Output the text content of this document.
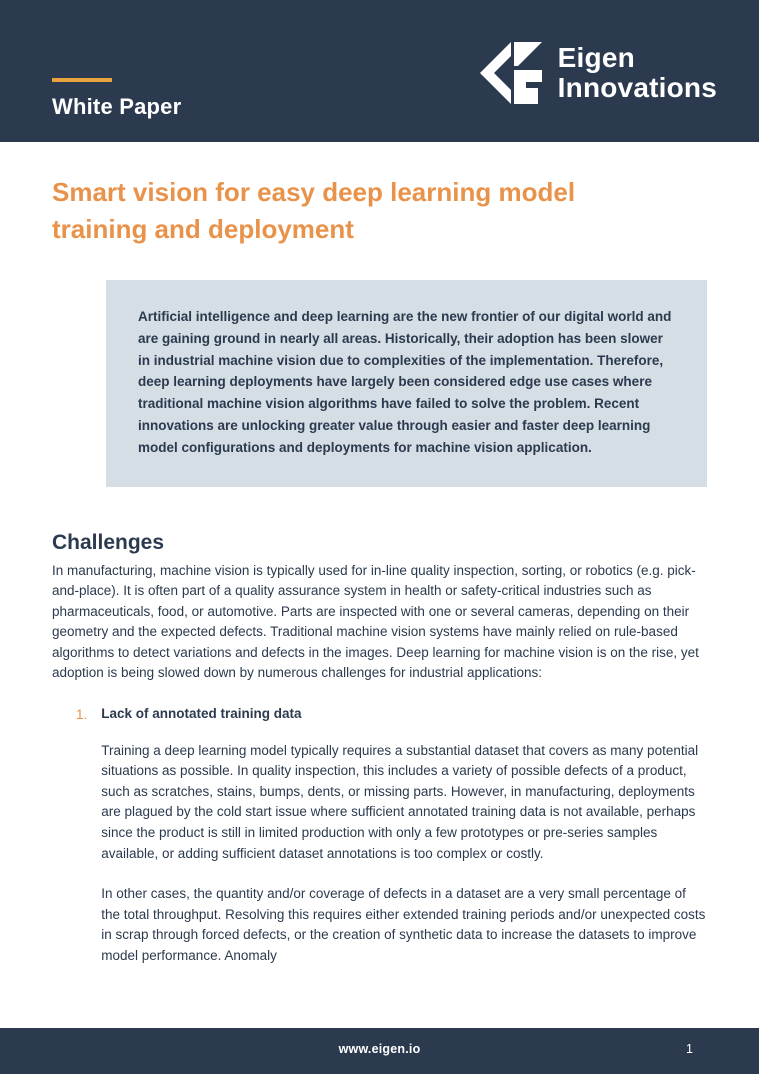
White Paper
Eigen
Innovations
Smart vision for easy deep learning model training and deployment

Artificial intelligence and deep learning are the new frontier of our digital world and are gaining ground in nearly all areas. Historically, their adoption has been slower in industrial machine vision due to complexities of the implementation. Therefore, deep learning deployments have largely been considered edge use cases where traditional machine vision algorithms have failed to solve the problem. Recent innovations are unlocking greater value through easier and faster deep learning model configurations and deployments for machine vision application.

Challenges

In manufacturing, machine vision is typically used for in-line quality inspection, sorting, or robotics (e.g. pick-and-place). It is often part of a quality assurance system in health or safety-critical industries such as pharmaceuticals, food, or automotive. Parts are inspected with one or several cameras, depending on their geometry and the expected defects. Traditional machine vision systems have mainly relied on rule-based algorithms to detect variations and defects in the images. Deep learning for machine vision is on the rise, yet adoption is being slowed down by numerous challenges for industrial applications:

1. Lack of annotated training data

Training a deep learning model typically requires a substantial dataset that covers as many potential situations as possible. In quality inspection, this includes a variety of possible defects of a product, such as scratches, stains, bumps, dents, or missing parts. However, in manufacturing, deployments are plagued by the cold start issue where sufficient annotated training data is not available, perhaps since the product is still in limited production with only a few prototypes or pre-series samples available, or adding sufficient dataset annotations is too complex or costly.

In other cases, the quantity and/or coverage of defects in a dataset are a very small percentage of the total throughput. Resolving this requires either extended training periods and/or unexpected costs in scrap through forced defects, or the creation of synthetic data to increase the datasets to improve model performance. Anomaly

www.eigen.io	1
